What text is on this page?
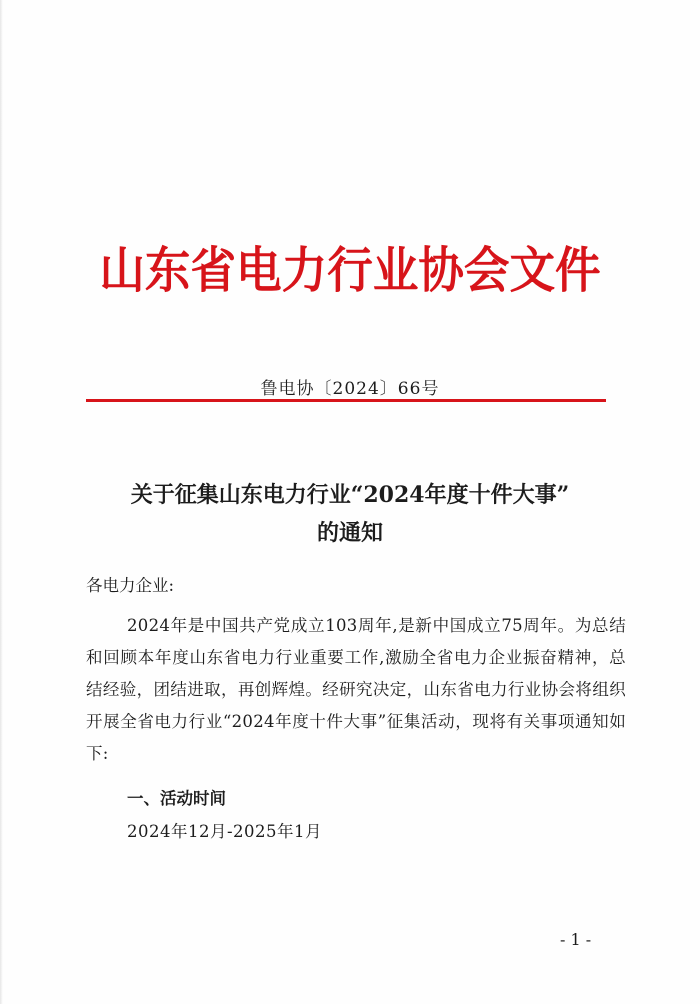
山东省电力行业协会文件
鲁电协〔2024〕66号
关于征集山东电力行业“2024年度十件大事”
的通知
各电力企业:
2024年是中国共产党成立103周年,是新中国成立75周年。为总结和回顾本年度山东省电力行业重要工作,激励全省电力企业振奋精神，总结经验，团结进取，再创辉煌。经研究决定，山东省电力行业协会将组织开展全省电力行业“2024年度十件大事”征集活动，现将有关事项通知如下:
一、活动时间
2024年12月-2025年1月
- 1 -
